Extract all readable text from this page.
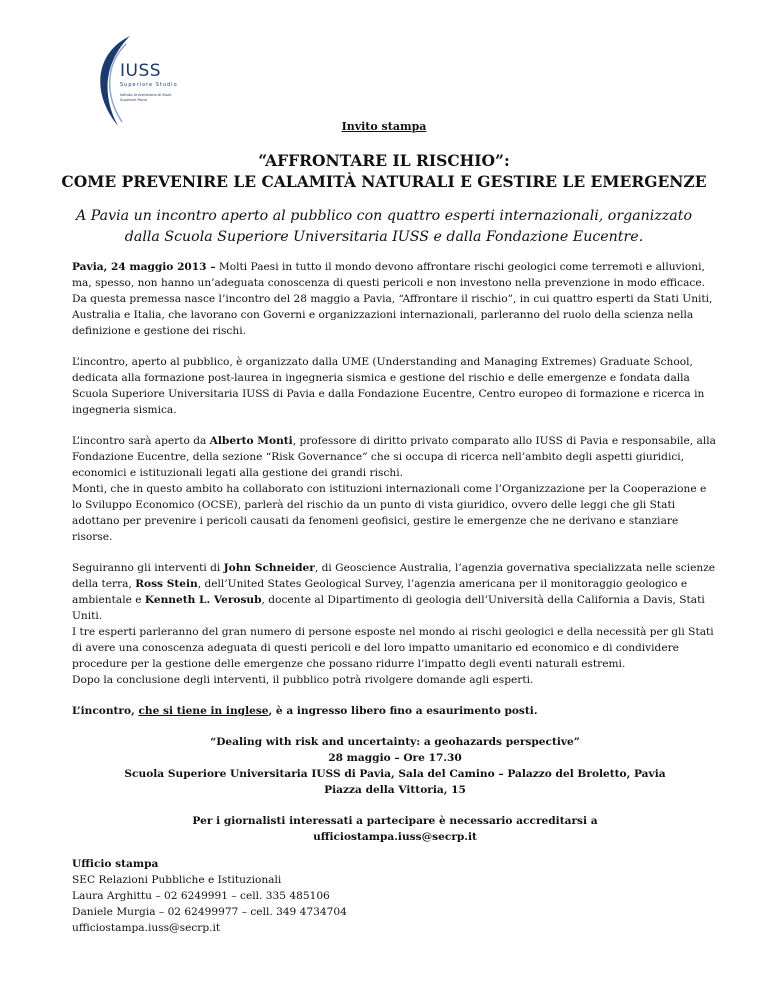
IUSS
Superiore Studio
Istituto Universitario di Studi Superiori Pavia
Invito stampa
“AFFRONTARE IL RISCHIO”:
COME PREVENIRE LE CALAMITÀ NATURALI E GESTIRE LE EMERGENZE
A Pavia un incontro aperto al pubblico con quattro esperti internazionali, organizzato dalla Scuola Superiore Universitaria IUSS e dalla Fondazione Eucentre.

Pavia, 24 maggio 2013 – Molti Paesi in tutto il mondo devono affrontare rischi geologici come terremoti e alluvioni, ma, spesso, non hanno un’adeguata conoscenza di questi pericoli e non investono nella prevenzione in modo efficace. Da questa premessa nasce l’incontro del 28 maggio a Pavia, “Affrontare il rischio”, in cui quattro esperti da Stati Uniti, Australia e Italia, che lavorano con Governi e organizzazioni internazionali, parleranno del ruolo della scienza nella definizione e gestione dei rischi.

L’incontro, aperto al pubblico, è organizzato dalla UME (Understanding and Managing Extremes) Graduate School, dedicata alla formazione post-laurea in ingegneria sismica e gestione del rischio e delle emergenze e fondata dalla Scuola Superiore Universitaria IUSS di Pavia e dalla Fondazione Eucentre, Centro europeo di formazione e ricerca in ingegneria sismica.

L’incontro sarà aperto da Alberto Monti, professore di diritto privato comparato allo IUSS di Pavia e responsabile, alla Fondazione Eucentre, della sezione “Risk Governance” che si occupa di ricerca nell’ambito degli aspetti giuridici, economici e istituzionali legati alla gestione dei grandi rischi.
Monti, che in questo ambito ha collaborato con istituzioni internazionali come l’Organizzazione per la Cooperazione e lo Sviluppo Economico (OCSE), parlerà del rischio da un punto di vista giuridico, ovvero delle leggi che gli Stati adottano per prevenire i pericoli causati da fenomeni geofisici, gestire le emergenze che ne derivano e stanziare risorse.

Seguiranno gli interventi di John Schneider, di Geoscience Australia, l’agenzia governativa specializzata nelle scienze della terra, Ross Stein, dell’United States Geological Survey, l’agenzia americana per il monitoraggio geologico e ambientale e Kenneth L. Verosub, docente al Dipartimento di geologia dell’Università della California a Davis, Stati Uniti.
I tre esperti parleranno del gran numero di persone esposte nel mondo ai rischi geologici e della necessità per gli Stati di avere una conoscenza adeguata di questi pericoli e del loro impatto umanitario ed economico e di condividere procedure per la gestione delle emergenze che possano ridurre l’impatto degli eventi naturali estremi.
Dopo la conclusione degli interventi, il pubblico potrà rivolgere domande agli esperti.

L’incontro, che si tiene in inglese, è a ingresso libero fino a esaurimento posti.

“Dealing with risk and uncertainty: a geohazards perspective”
28 maggio – Ore 17.30
Scuola Superiore Universitaria IUSS di Pavia, Sala del Camino – Palazzo del Broletto, Pavia
Piazza della Vittoria, 15
Per i giornalisti interessati a partecipare è necessario accreditarsi a
ufficiostampa.iuss@secrp.it
Ufficio stampa
SEC Relazioni Pubbliche e Istituzionali
Laura Arghittu – 02 6249991 – cell. 335 485106
Daniele Murgia – 02 62499977 – cell. 349 4734704
ufficiostampa.iuss@secrp.it
